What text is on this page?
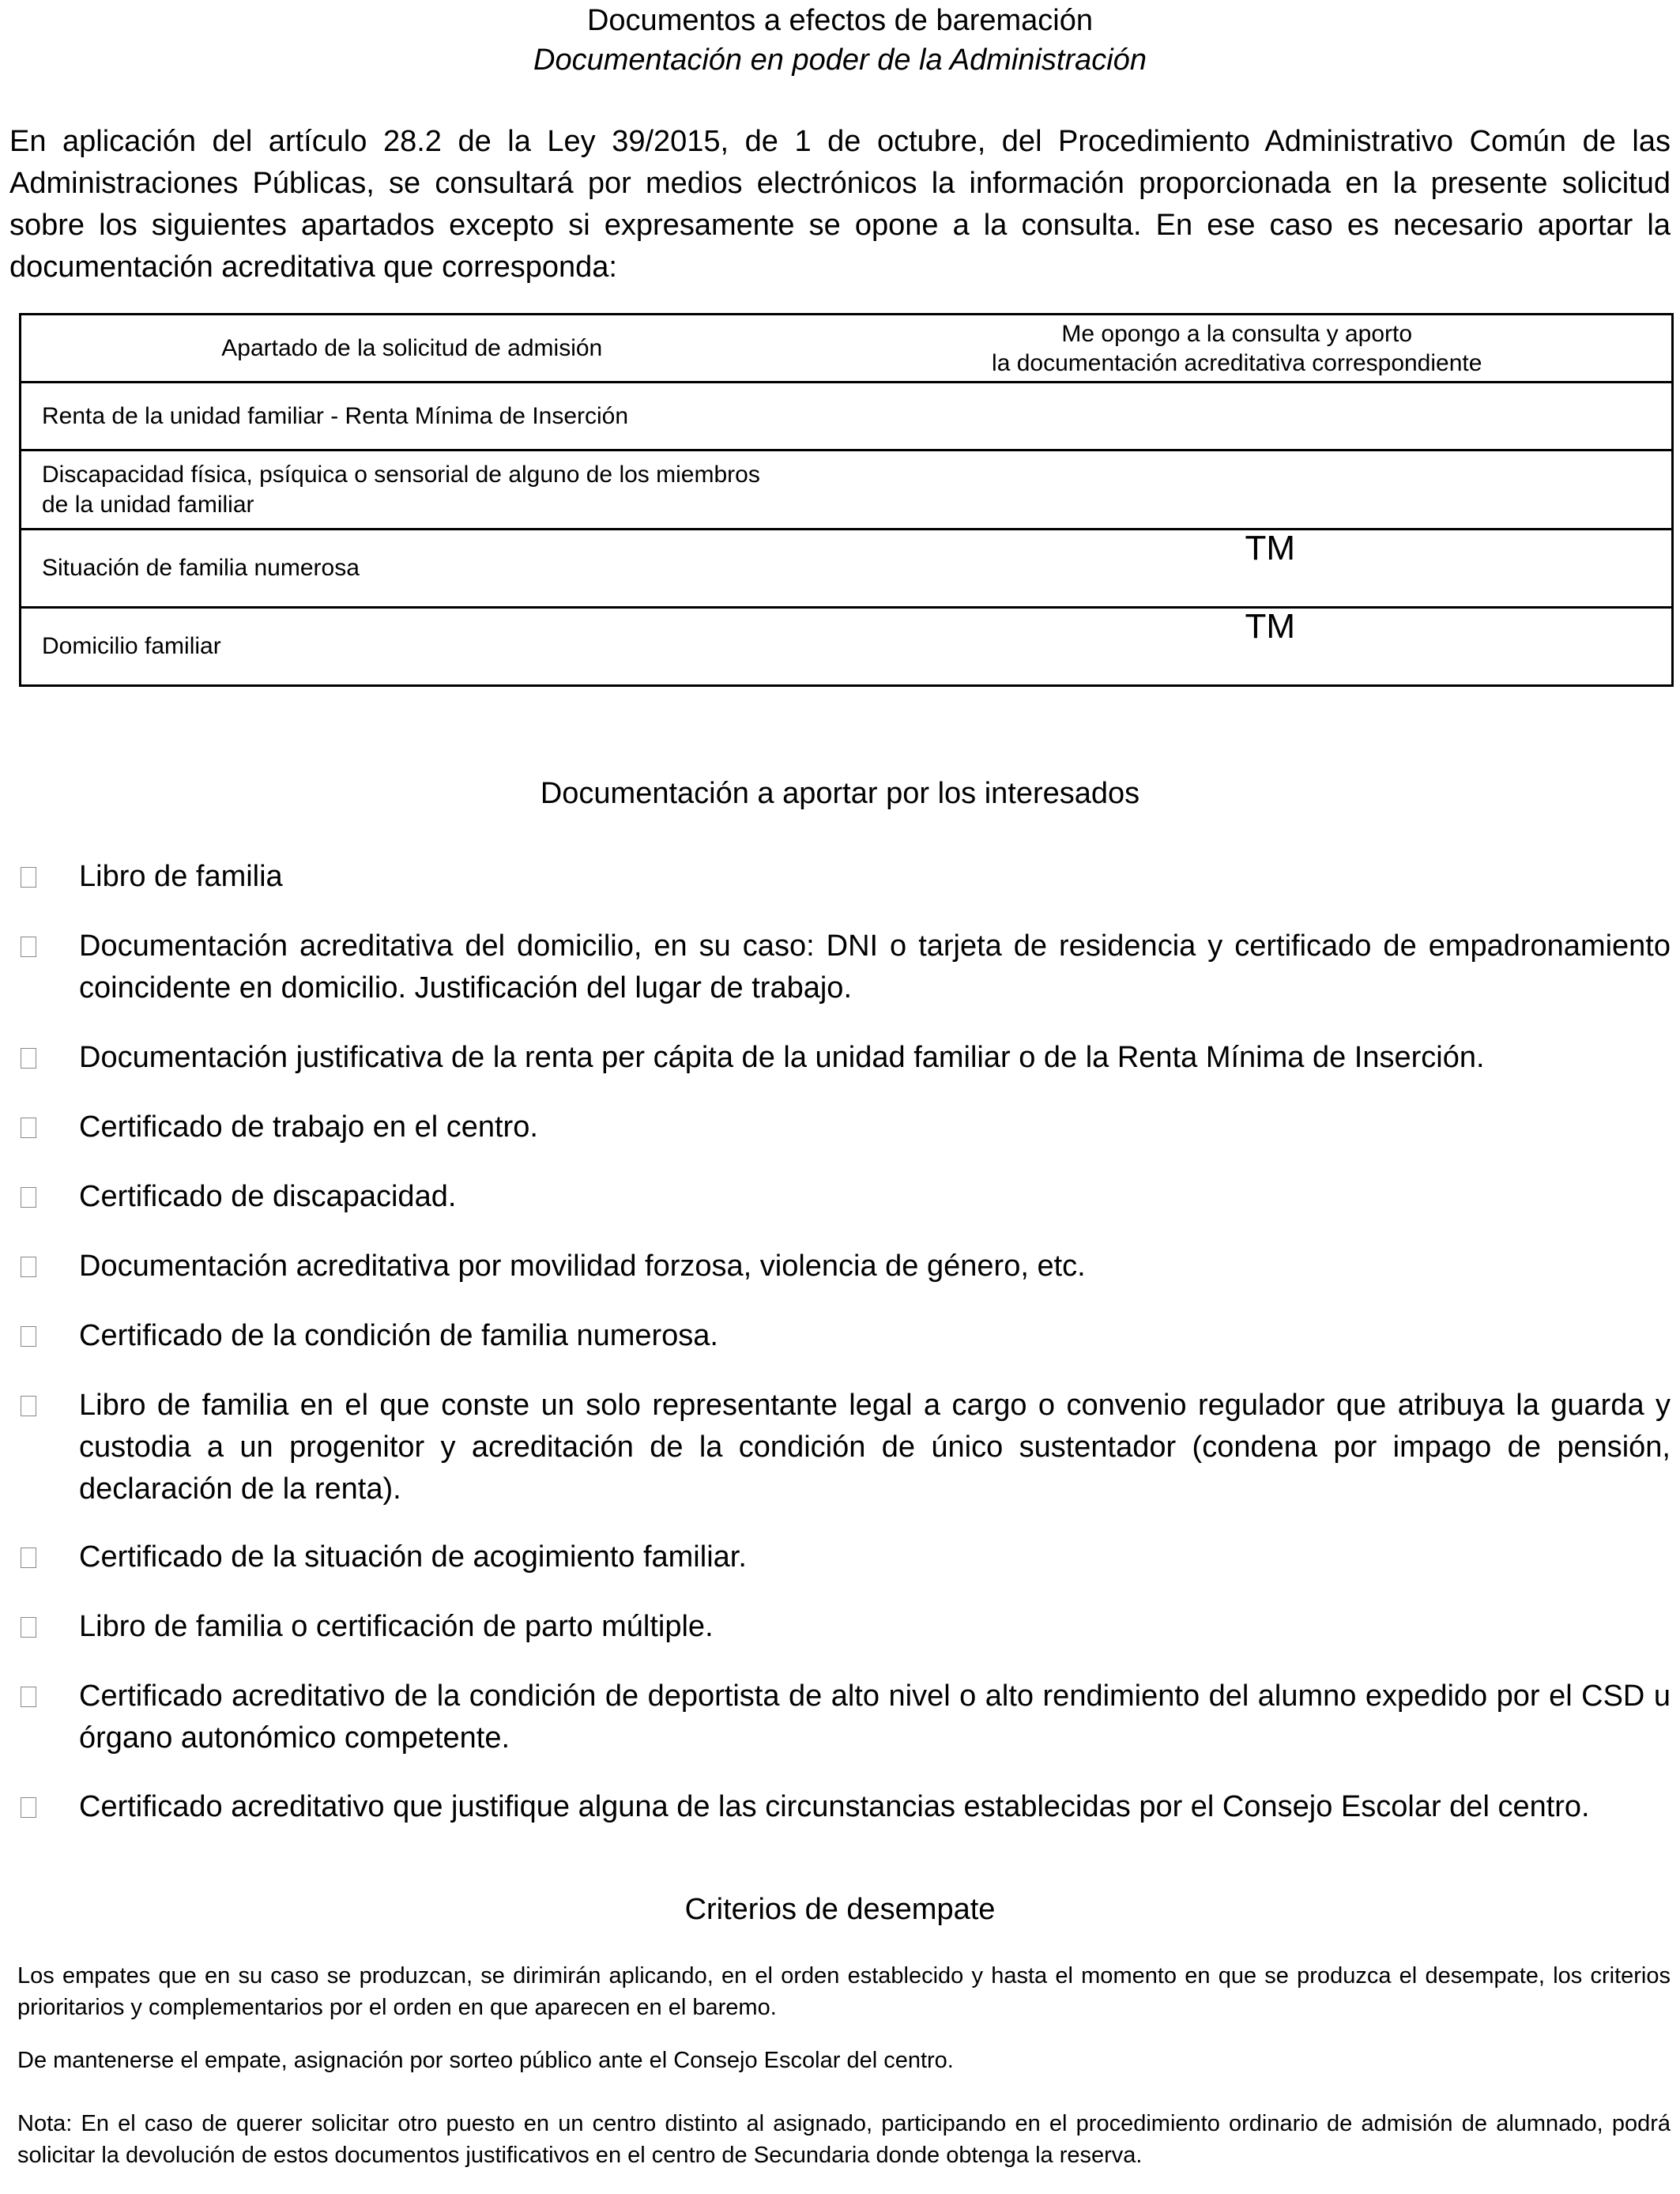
Documentos a efectos de baremación
Documentación en poder de la Administración
En aplicación del artículo 28.2 de la Ley 39/2015, de 1 de octubre, del Procedimiento Administrativo Común de las Administraciones Públicas, se consultará por medios electrónicos la información proporcionada en la presente solicitud sobre los siguientes apartados excepto si expresamente se opone a la consulta. En ese caso es necesario aportar la documentación acreditativa que corresponda:
Apartado de la solicitud de admisión	Me opongo a la consulta y aporto
la documentación acreditativa correspondiente

Renta de la unidad familiar - Renta Mínima de Inserción	
Discapacidad física, psíquica o sensorial de alguno de los miembros de la unidad familiar	
Situación de familia numerosa	TM
Domicilio familiar	TM
Documentación a aportar por los interesados
Libro de familia
Documentación acreditativa del domicilio, en su caso: DNI o tarjeta de residencia y certificado de empadronamiento coincidente en domicilio. Justificación del lugar de trabajo.
Documentación justificativa de la renta per cápita de la unidad familiar o de la Renta Mínima de Inserción.
Certificado de trabajo en el centro.
Certificado de discapacidad.
Documentación acreditativa por movilidad forzosa, violencia de género, etc.
Certificado de la condición de familia numerosa.
Libro de familia en el que conste un solo representante legal a cargo o convenio regulador que atribuya la guarda y custodia a un progenitor y acreditación de la condición de único sustentador (condena por impago de pensión, declaración de la renta).
Certificado de la situación de acogimiento familiar.
Libro de familia o certificación de parto múltiple.
Certificado acreditativo de la condición de deportista de alto nivel o alto rendimiento del alumno expedido por el CSD u órgano autonómico competente.
Certificado acreditativo que justifique alguna de las circunstancias establecidas por el Consejo Escolar del centro.
Criterios de desempate
Los empates que en su caso se produzcan, se dirimirán aplicando, en el orden establecido y hasta el momento en que se produzca el desempate, los criterios prioritarios y complementarios por el orden en que aparecen en el baremo.
De mantenerse el empate, asignación por sorteo público ante el Consejo Escolar del centro.
Nota: En el caso de querer solicitar otro puesto en un centro distinto al asignado, participando en el procedimiento ordinario de admisión de alumnado, podrá solicitar la devolución de estos documentos justificativos en el centro de Secundaria donde obtenga la reserva.
